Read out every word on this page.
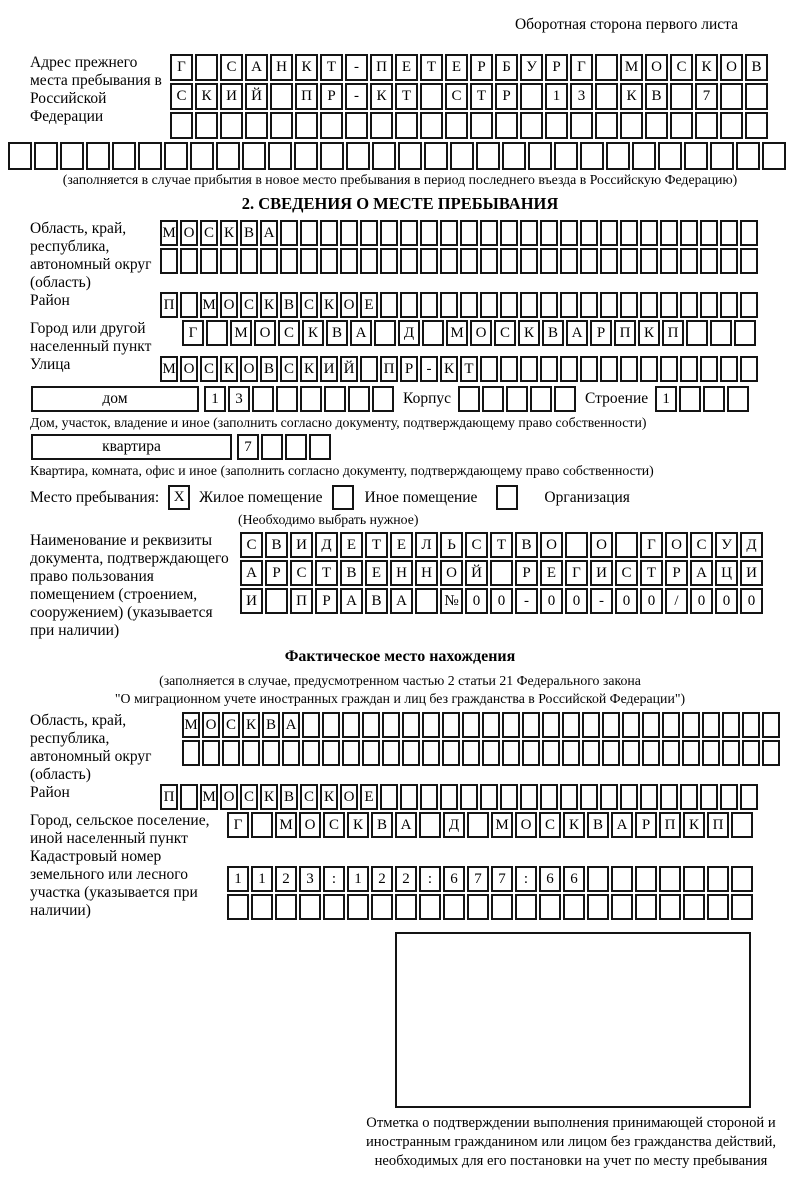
Оборотная сторона первого листа
Адрес прежнего места пребывания в Российской Федерации
Г	С А Н К	Т	-	П Е	Т	Е	Р	Б	У	Р	Г	М О С К О В
С К И Й	П	Р	-	К	Т	С	Т	Р	1	3	К В	7
(заполняется в случае прибытия в новое место пребывания в период последнего въезда в Российскую Федерацию)
2. СВЕДЕНИЯ О МЕСТЕ ПРЕБЫВАНИЯ
Область, край, республика, автономный округ (область)
М О С К В А
Район	П М О С К В С К О Е
Город или другой населенный пункт
Г	М О С К В А	Д	М О С К В А Р П К П
Улица	М О С К О В С К И Й П Р - К Т
дом	1	3	Корпус	Строение 1
Дом, участок, владение и иное (заполнить согласно документу, подтверждающему право собственности)
квартира	7
Квартира, комната, офис и иное (заполнить согласно документу, подтверждающему право собственности)
Место пребывания: X Жилое помещение	Иное помещение	Организация
(Необходимо выбрать нужное)
Наименование и реквизиты документа, подтверждающего право пользования помещением (строением, сооружением) (указывается при наличии)
С В И Д	Е	Т	Е	Л	Ь	С	Т	В О	О	Г	О С У Д
А	Р	С	Т	В	Е	Н Н О Й	Р	Е	Г	И С	Т	Р	А Ц И
И	П	Р	А В А	№ 0	0	-	0	0	-	0	0	/	0	0	0
Фактическое место нахождения
(заполняется в случае, предусмотренном частью 2 статьи 21 Федерального закона
"О миграционном учете иностранных граждан и лиц без гражданства в Российской Федерации")
Область, край, республика, автономный округ (область)
М О С К В А
Район	П М О С К В С К О Е
Город, сельское поселение, иной населенный пункт
Г	М О С К В А	Д	М О С К В А Р П К П
Кадастровый номер земельного или лесного участка (указывается при наличии)
1	1	2	3	:	1	2	2	:	6	7	7	:	6	6
Отметка о подтверждении выполнения принимающей стороной и иностранным гражданином или лицом без гражданства действий, необходимых для его постановки на учет по месту пребывания
